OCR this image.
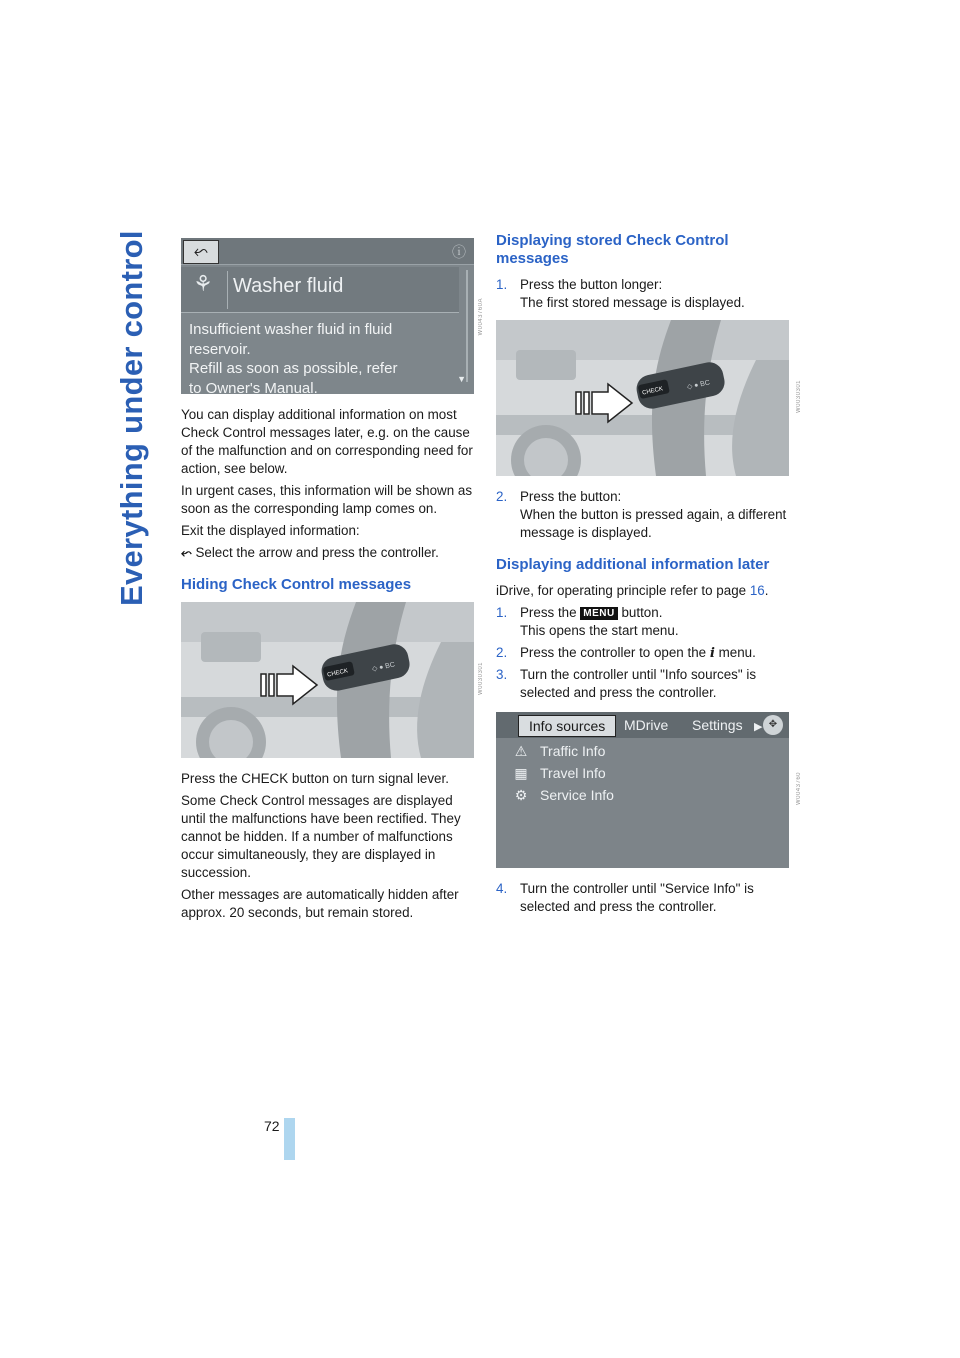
Everything under control	⬿	ⓘ
⚘ Washer fluid
Insufficient washer fluid in fluid
reservoir.
Refill as soon as possible, refer
to Owner's Manual.
▼
W0043760A

You can display additional information on most Check Control messages later, e.g. on the cause of the malfunction and on corresponding need for action, see below.

In urgent cases, this information will be shown as soon as the corresponding lamp comes on.

Exit the displayed information:

⬿ Select the arrow and press the controller.

Hiding Check Control messages
CHECK
◇ ● BC	W0030301

Press the CHECK button on turn signal lever.

Some Check Control messages are displayed until the malfunctions have been rectified. They cannot be hidden. If a number of malfunctions occur simultaneously, they are displayed in succession.

Other messages are automatically hidden after approx. 20 seconds, but remain stored.

Displaying stored Check Control messages
1. Press the button longer:
The first stored message is displayed.
CHECK
◇ ● BC	W0030301
2. Press the button:
When the button is pressed again, a different message is displayed.
Displaying additional information later

iDrive, for operating principle refer to page 16.

1. Press the MENU button.
This opens the start menu.
2. Press the controller to open the i menu.
3. Turn the controller until "Info sources" is selected and press the controller.
Info sources	MDrive Settings ▶ ✥
⚠ Traffic Info
▦ Travel Info
⚙ Service Info	W0043760
4. Turn the controller until "Service Info" is selected and press the controller.
72
